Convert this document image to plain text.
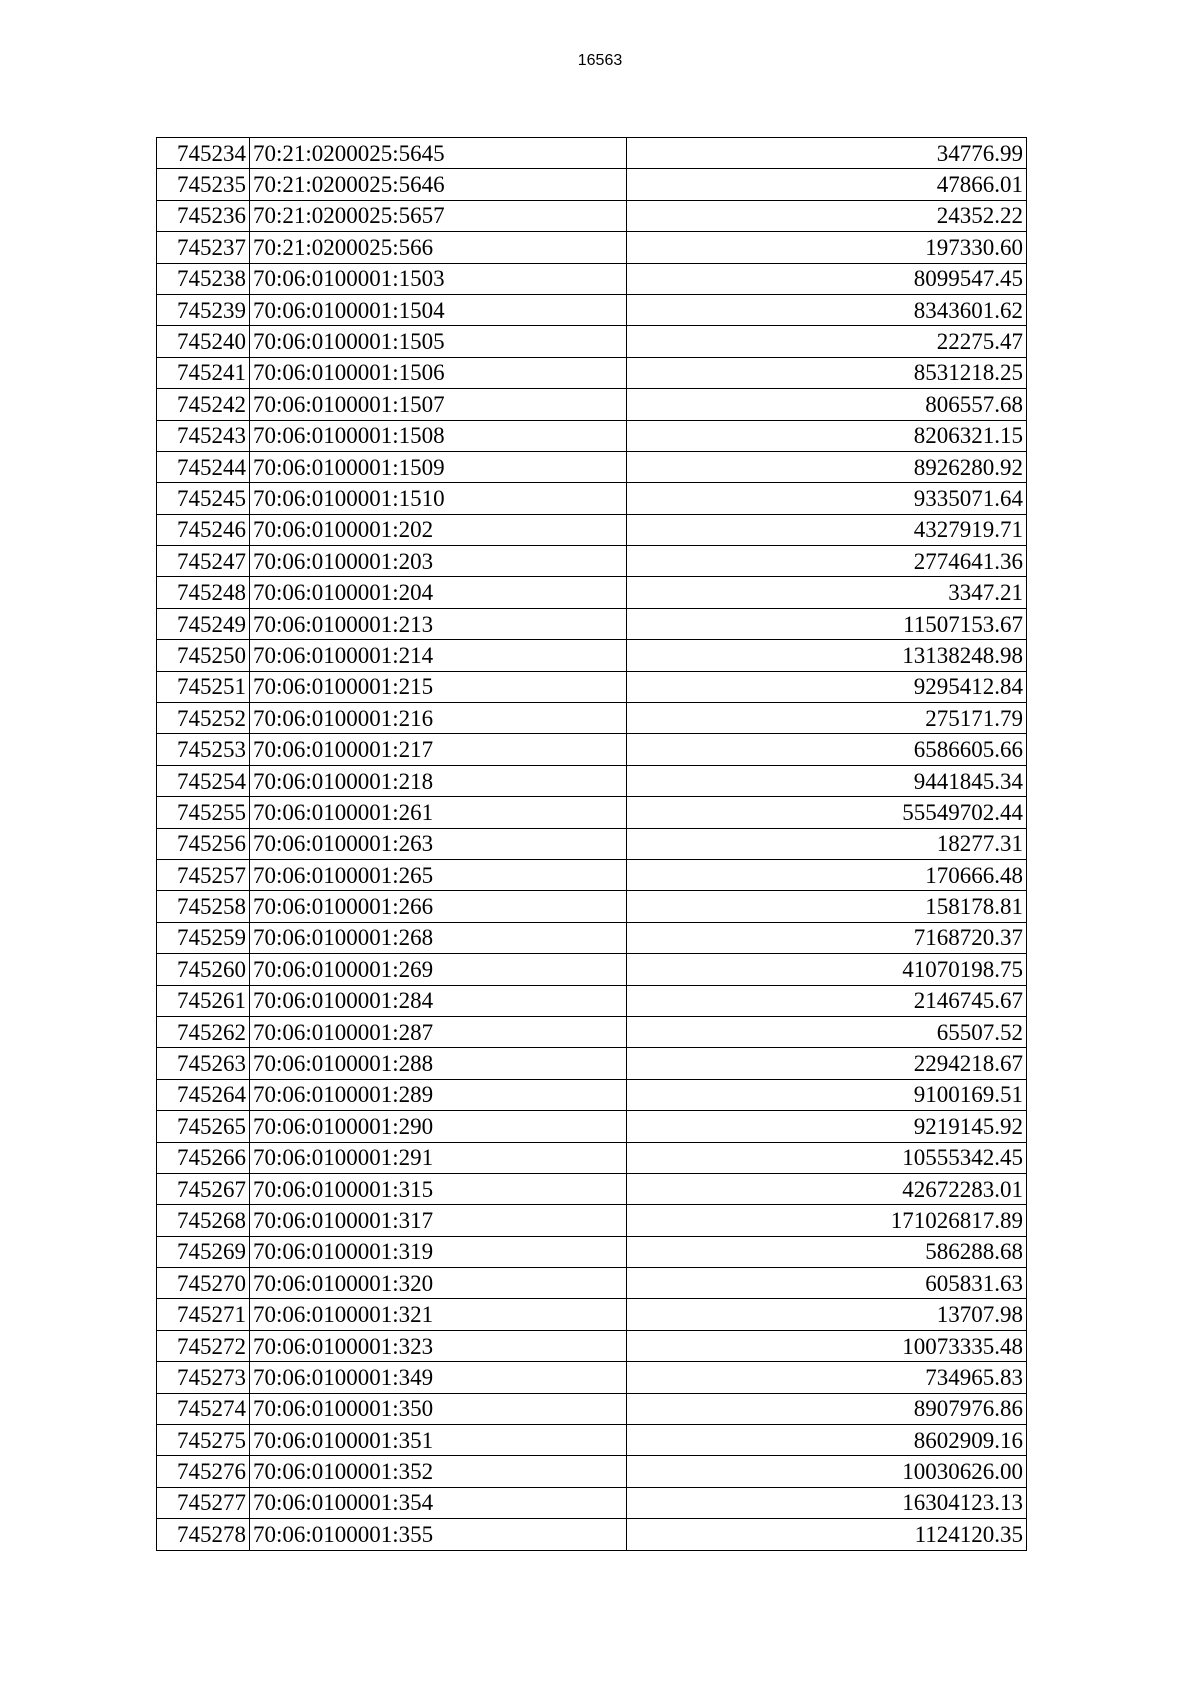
16563
745234	70:21:0200025:5645	34776.99
745235	70:21:0200025:5646	47866.01
745236	70:21:0200025:5657	24352.22
745237	70:21:0200025:566	197330.60
745238	70:06:0100001:1503	8099547.45
745239	70:06:0100001:1504	8343601.62
745240	70:06:0100001:1505	22275.47
745241	70:06:0100001:1506	8531218.25
745242	70:06:0100001:1507	806557.68
745243	70:06:0100001:1508	8206321.15
745244	70:06:0100001:1509	8926280.92
745245	70:06:0100001:1510	9335071.64
745246	70:06:0100001:202	4327919.71
745247	70:06:0100001:203	2774641.36
745248	70:06:0100001:204	3347.21
745249	70:06:0100001:213	11507153.67
745250	70:06:0100001:214	13138248.98
745251	70:06:0100001:215	9295412.84
745252	70:06:0100001:216	275171.79
745253	70:06:0100001:217	6586605.66
745254	70:06:0100001:218	9441845.34
745255	70:06:0100001:261	55549702.44
745256	70:06:0100001:263	18277.31
745257	70:06:0100001:265	170666.48
745258	70:06:0100001:266	158178.81
745259	70:06:0100001:268	7168720.37
745260	70:06:0100001:269	41070198.75
745261	70:06:0100001:284	2146745.67
745262	70:06:0100001:287	65507.52
745263	70:06:0100001:288	2294218.67
745264	70:06:0100001:289	9100169.51
745265	70:06:0100001:290	9219145.92
745266	70:06:0100001:291	10555342.45
745267	70:06:0100001:315	42672283.01
745268	70:06:0100001:317	171026817.89
745269	70:06:0100001:319	586288.68
745270	70:06:0100001:320	605831.63
745271	70:06:0100001:321	13707.98
745272	70:06:0100001:323	10073335.48
745273	70:06:0100001:349	734965.83
745274	70:06:0100001:350	8907976.86
745275	70:06:0100001:351	8602909.16
745276	70:06:0100001:352	10030626.00
745277	70:06:0100001:354	16304123.13
745278	70:06:0100001:355	1124120.35
